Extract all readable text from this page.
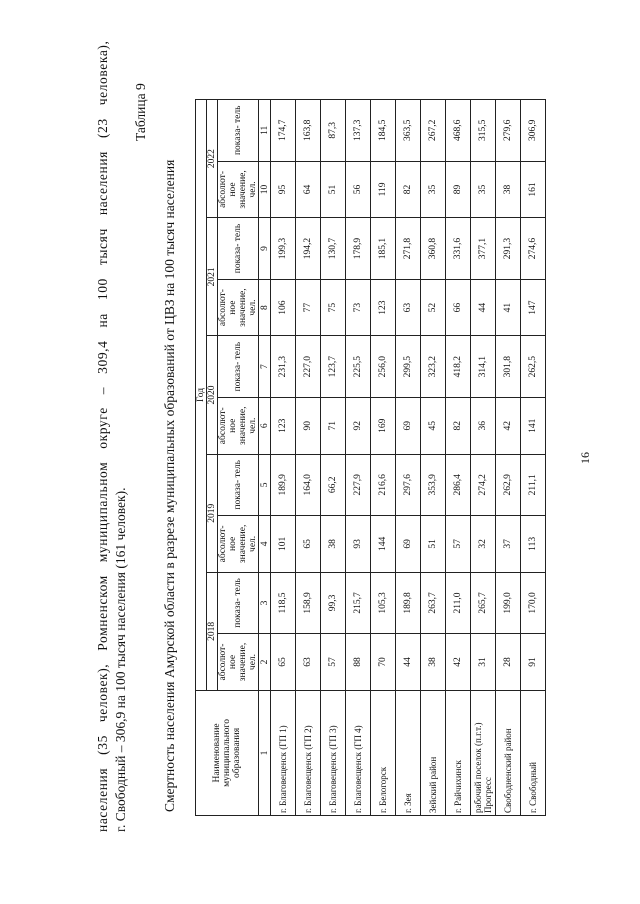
16
населения (35 человек), Ромненском муниципальном округе – 309,4 на 100 тысяч населения (23 человека), г. Свободный – 306,9 на 100 тысяч населения (161 человек).
Таблица 9
Смертность населения Амурской области в разрезе муниципальных образований от ЦВЗ на 100 тысяч населения	Наименование муниципального образования	Год									
	2018		2019		2020		2021		2022	
	абсолют- ное значение, чел.	показа- тель	абсолют- ное значение, чел.	показа- тель	абсолют- ное значение, чел.	показа- тель	абсолют- ное значение, чел.	показа- тель	абсолют- ное значение, чел.	показа- тель
1	2	3	4	5	6	7	8	9	10	11
г. Благовещенск (ГП 1)	65	118,5	101	189,9	123	231,3	106	199,3	95	174,7
г. Благовещенск (ГП 2)	63	158,9	65	164,0	90	227,0	77	194,2	64	163,8
г. Благовещенск (ГП 3)	57	99,3	38	66,2	71	123,7	75	130,7	51	87,3
г. Благовещенск (ГП 4)	88	215,7	93	227,9	92	225,5	73	178,9	56	137,3
г. Белогорск	70	105,3	144	216,6	169	256,0	123	185,1	119	184,5
г. Зея	44	189,8	69	297,6	69	299,5	63	271,8	82	363,5
Зейский район	38	263,7	51	353,9	45	323,2	52	360,8	35	267,2
г. Райчихинск	42	211,0	57	286,4	82	418,2	66	331,6	89	468,6
рабочий поселок (п.г.т.) Прогресс	31	265,7	32	274,2	36	314,1	44	377,1	35	315,5
Свободненский район	28	199,0	37	262,9	42	301,8	41	291,3	38	279,6
г. Свободный	91	170,0	113	211,1	141	262,5	147	274,6	161	306,9
